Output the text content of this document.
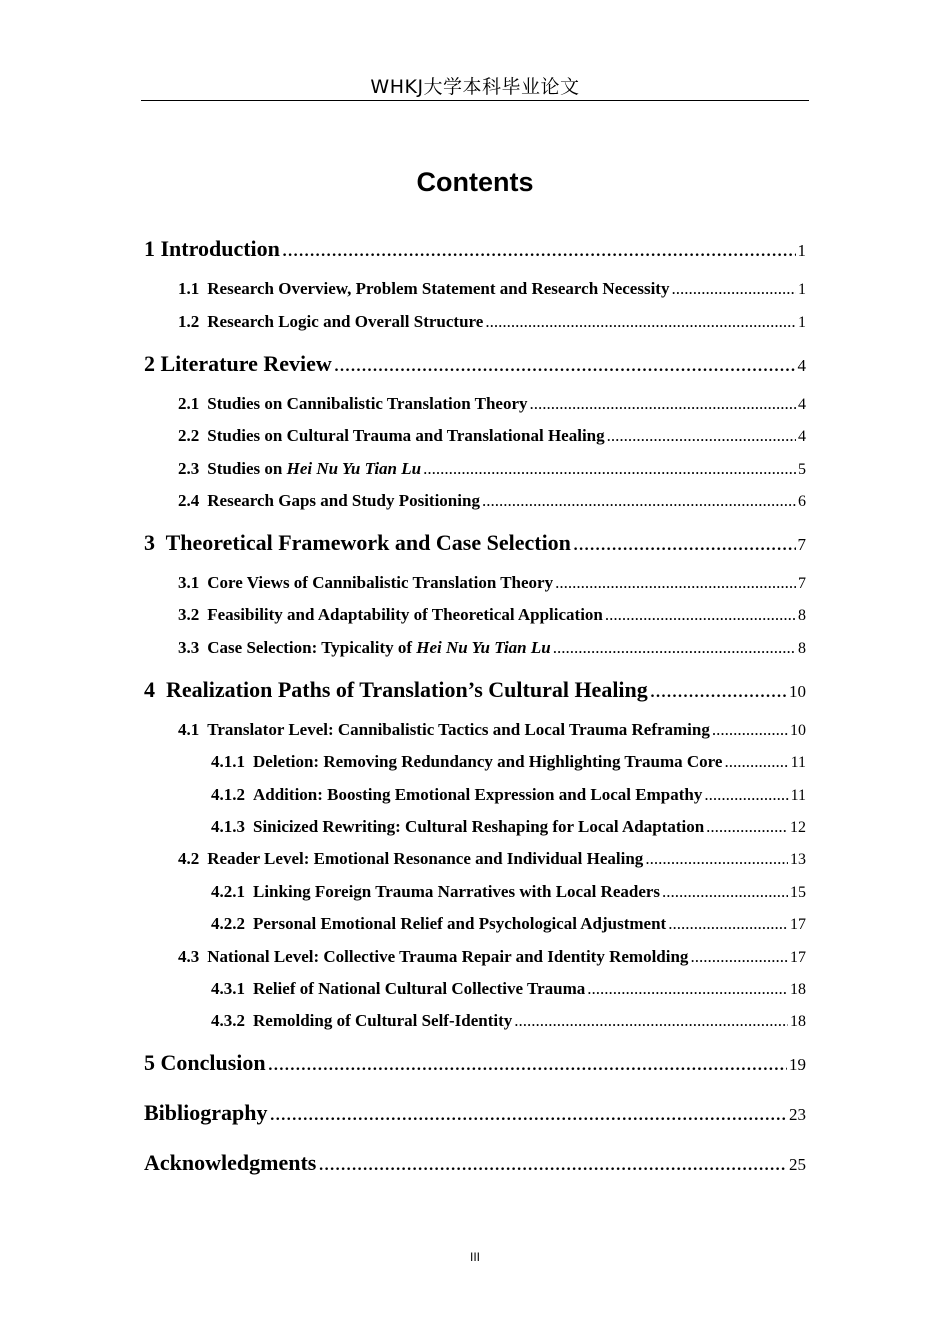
WHKJ大学本科毕业论文
Contents
1 Introduction .....	1
1.1 Research Overview, Problem Statement and Research Necessity .....	1
1.2 Research Logic and Overall Structure .....	1
2 Literature Review .....	4
2.1 Studies on Cannibalistic Translation Theory .....	4
2.2 Studies on Cultural Trauma and Translational Healing .....	4
2.3 Studies on Hei Nu Yu Tian Lu .....	5
2.4 Research Gaps and Study Positioning .....	6
3 Theoretical Framework and Case Selection .....	7
3.1 Core Views of Cannibalistic Translation Theory .....	7
3.2 Feasibility and Adaptability of Theoretical Application .....	8
3.3 Case Selection: Typicality of Hei Nu Yu Tian Lu .....	8
4 Realization Paths of Translation’s Cultural Healing .....	10
4.1 Translator Level: Cannibalistic Tactics and Local Trauma Reframing .....	10
4.1.1 Deletion: Removing Redundancy and Highlighting Trauma Core .....	11
4.1.2 Addition: Boosting Emotional Expression and Local Empathy .....	11
4.1.3 Sinicized Rewriting: Cultural Reshaping for Local Adaptation .....	12
4.2 Reader Level: Emotional Resonance and Individual Healing .....	13
4.2.1 Linking Foreign Trauma Narratives with Local Readers .....	15
4.2.2 Personal Emotional Relief and Psychological Adjustment .....	17
4.3 National Level: Collective Trauma Repair and Identity Remolding .....	17
4.3.1 Relief of National Cultural Collective Trauma .....	18
4.3.2 Remolding of Cultural Self-Identity .....	18
5 Conclusion .....	19
Bibliography .....	23
Acknowledgments .....	25
III
